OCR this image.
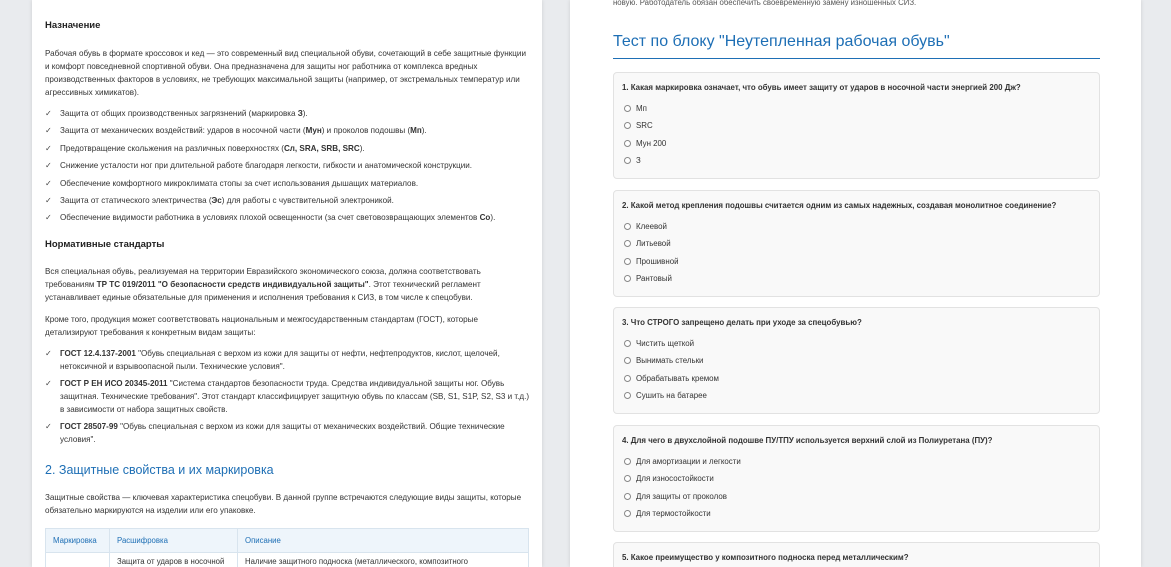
Назначение
Рабочая обувь в формате кроссовок и кед — это современный вид специальной обуви, сочетающий в себе защитные функции и комфорт повседневной спортивной обуви. Она предназначена для защиты ног работника от комплекса вредных производственных факторов в условиях, не требующих максимальной защиты (например, от экстремальных температур или агрессивных химикатов).
✓ Защита от общих производственных загрязнений (маркировка З).
✓ Защита от механических воздействий: ударов в носочной части (Мун) и проколов подошвы (Мп).
✓ Предотвращение скольжения на различных поверхностях (Сл, SRA, SRB, SRC).
✓ Снижение усталости ног при длительной работе благодаря легкости, гибкости и анатомической конструкции.
✓ Обеспечение комфортного микроклимата стопы за счет использования дышащих материалов.
✓ Защита от статического электричества (Эс) для работы с чувствительной электроникой.
✓ Обеспечение видимости работника в условиях плохой освещенности (за счет световозвращающих элементов Со).
Нормативные стандарты
Вся специальная обувь, реализуемая на территории Евразийского экономического союза, должна соответствовать требованиям ТР ТС 019/2011 "О безопасности средств индивидуальной защиты". Этот технический регламент устанавливает единые обязательные для применения и исполнения требования к СИЗ, в том числе к спецобуви.
Кроме того, продукция может соответствовать национальным и межгосударственным стандартам (ГОСТ), которые детализируют требования к конкретным видам защиты:
✓ ГОСТ 12.4.137-2001 "Обувь специальная с верхом из кожи для защиты от нефти, нефтепродуктов, кислот, щелочей, нетоксичной и взрывоопасной пыли. Технические условия".
✓ ГОСТ Р ЕН ИСО 20345-2011 "Система стандартов безопасности труда. Средства индивидуальной защиты ног. Обувь защитная. Технические требования". Этот стандарт классифицирует защитную обувь по классам (SB, S1, S1P, S2, S3 и т.д.) в зависимости от набора защитных свойств.
✓ ГОСТ 28507-99 "Обувь специальная с верхом из кожи для защиты от механических воздействий. Общие технические условия".
2. Защитные свойства и их маркировка
Защитные свойства — ключевая характеристика спецобуви. В данной группе встречаются следующие виды защиты, которые обязательно маркируются на изделии или его упаковке.
Маркировка	Расшифровка	Описание
	Защита от ударов в носочной	Наличие защитного подноска (металлического, композитного
новую. Работодатель обязан обеспечить своевременную замену изношенных СИЗ.
Тест по блоку "Неутепленная рабочая обувь"
1. Какая маркировка означает, что обувь имеет защиту от ударов в носочной части энергией 200 Дж?
Мп
SRC
Мун 200
З
2. Какой метод крепления подошвы считается одним из самых надежных, создавая монолитное соединение?
Клеевой
Литьевой
Прошивной
Рантовый
3. Что СТРОГО запрещено делать при уходе за спецобувью?
Чистить щеткой
Вынимать стельки
Обрабатывать кремом
Сушить на батарее
4. Для чего в двухслойной подошве ПУ/ТПУ используется верхний слой из Полиуретана (ПУ)?
Для амортизации и легкости
Для износостойкости
Для защиты от проколов
Для термостойкости
5. Какое преимущество у композитного подноска перед металлическим?
